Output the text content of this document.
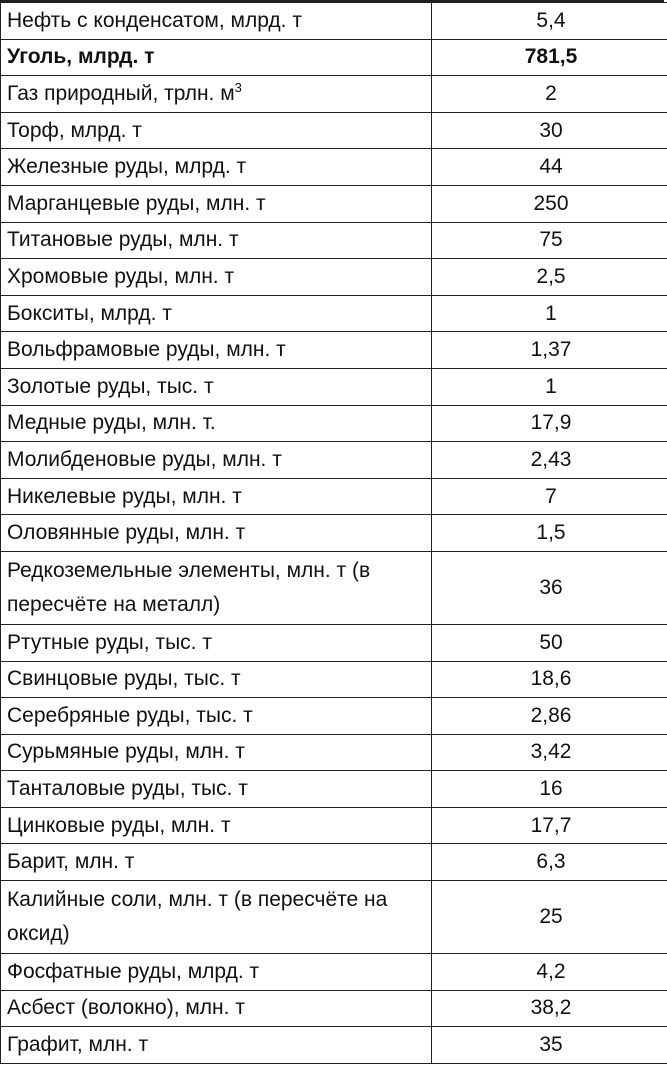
Нефть с конденсатом, млрд. т	5,4
Уголь, млрд. т	781,5
Газ природный, трлн. $м^3$	2
Торф, млрд. т	30
Железные руды, млрд. т	44
Марганцевые руды, млн. т	250
Титановые руды, млн. т	75
Хромовые руды, млн. т	2,5
Бокситы, млрд. т	1
Вольфрамовые руды, млн. т	1,37
Золотые руды, тыс. т	1
Медные руды, млн. т.	17,9
Молибденовые руды, млн. т	2,43
Никелевые руды, млн. т	7
Оловянные руды, млн. т	1,5
Редкоземельные элементы, млн. т (в пересчёте на металл)	36
Ртутные руды, тыс. т	50
Свинцовые руды, тыс. т	18,6
Серебряные руды, тыс. т	2,86
Сурьмяные руды, млн. т	3,42
Танталовые руды, тыс. т	16
Цинковые руды, млн. т	17,7
Барит, млн. т	6,3
Калийные соли, млн. т (в пересчёте на оксид)	25
Фосфатные руды, млрд. т	4,2
Асбест (волокно), млн. т	38,2
Графит, млн. т	35
